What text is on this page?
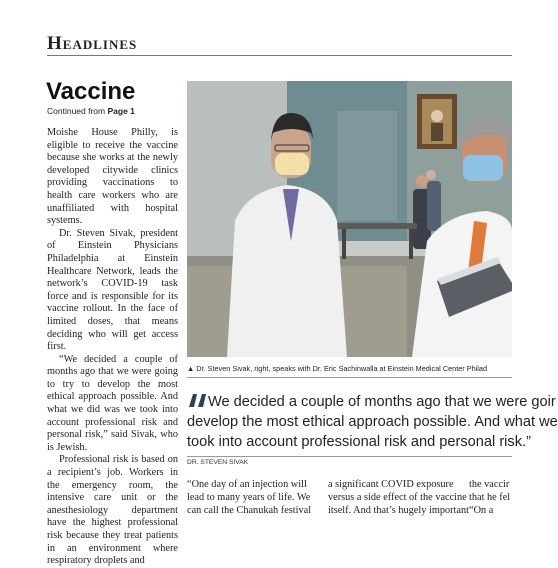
Headlines
Vaccine
Continued from Page 1

Moishe House Philly, is eligible to receive the vaccine because she works at the newly developed citywide clinics providing vaccinations to health care workers who are unaffiliated with hospital systems.

Dr. Steven Sivak, president of Einstein Physicians Philadelphia at Einstein Healthcare Network, leads the network’s COVID-19 task force and is responsible for its vaccine rollout. In the face of limited doses, that means deciding who will get access first.

“We decided a couple of months ago that we were going to try to develop the most ethical approach possible. And what we did was we took into account professional risk and personal risk,” said Sivak, who is Jewish.

Professional risk is based on a recipient’s job. Workers in the emergency room, the intensive care unit or the anesthesiology department have the highest professional risk because they treat patients in an environment where respiratory droplets and

▲ Dr. Steven Sivak, right, speaks with Dr. Eric Sachinwalla at Einstein Medical Center Philad
We decided a couple of months ago that we were goir
develop the most ethical approach possible. And what we
took into account professional risk and personal risk.”
DR. STEVEN SIVAK
“One day of an injection will
lead to many years of life. We
can call the Chanukah festival
a significant COVID exposure
versus a side effect of the vaccine
itself. And that’s hugely important
the vaccir
that he fel
“On a
